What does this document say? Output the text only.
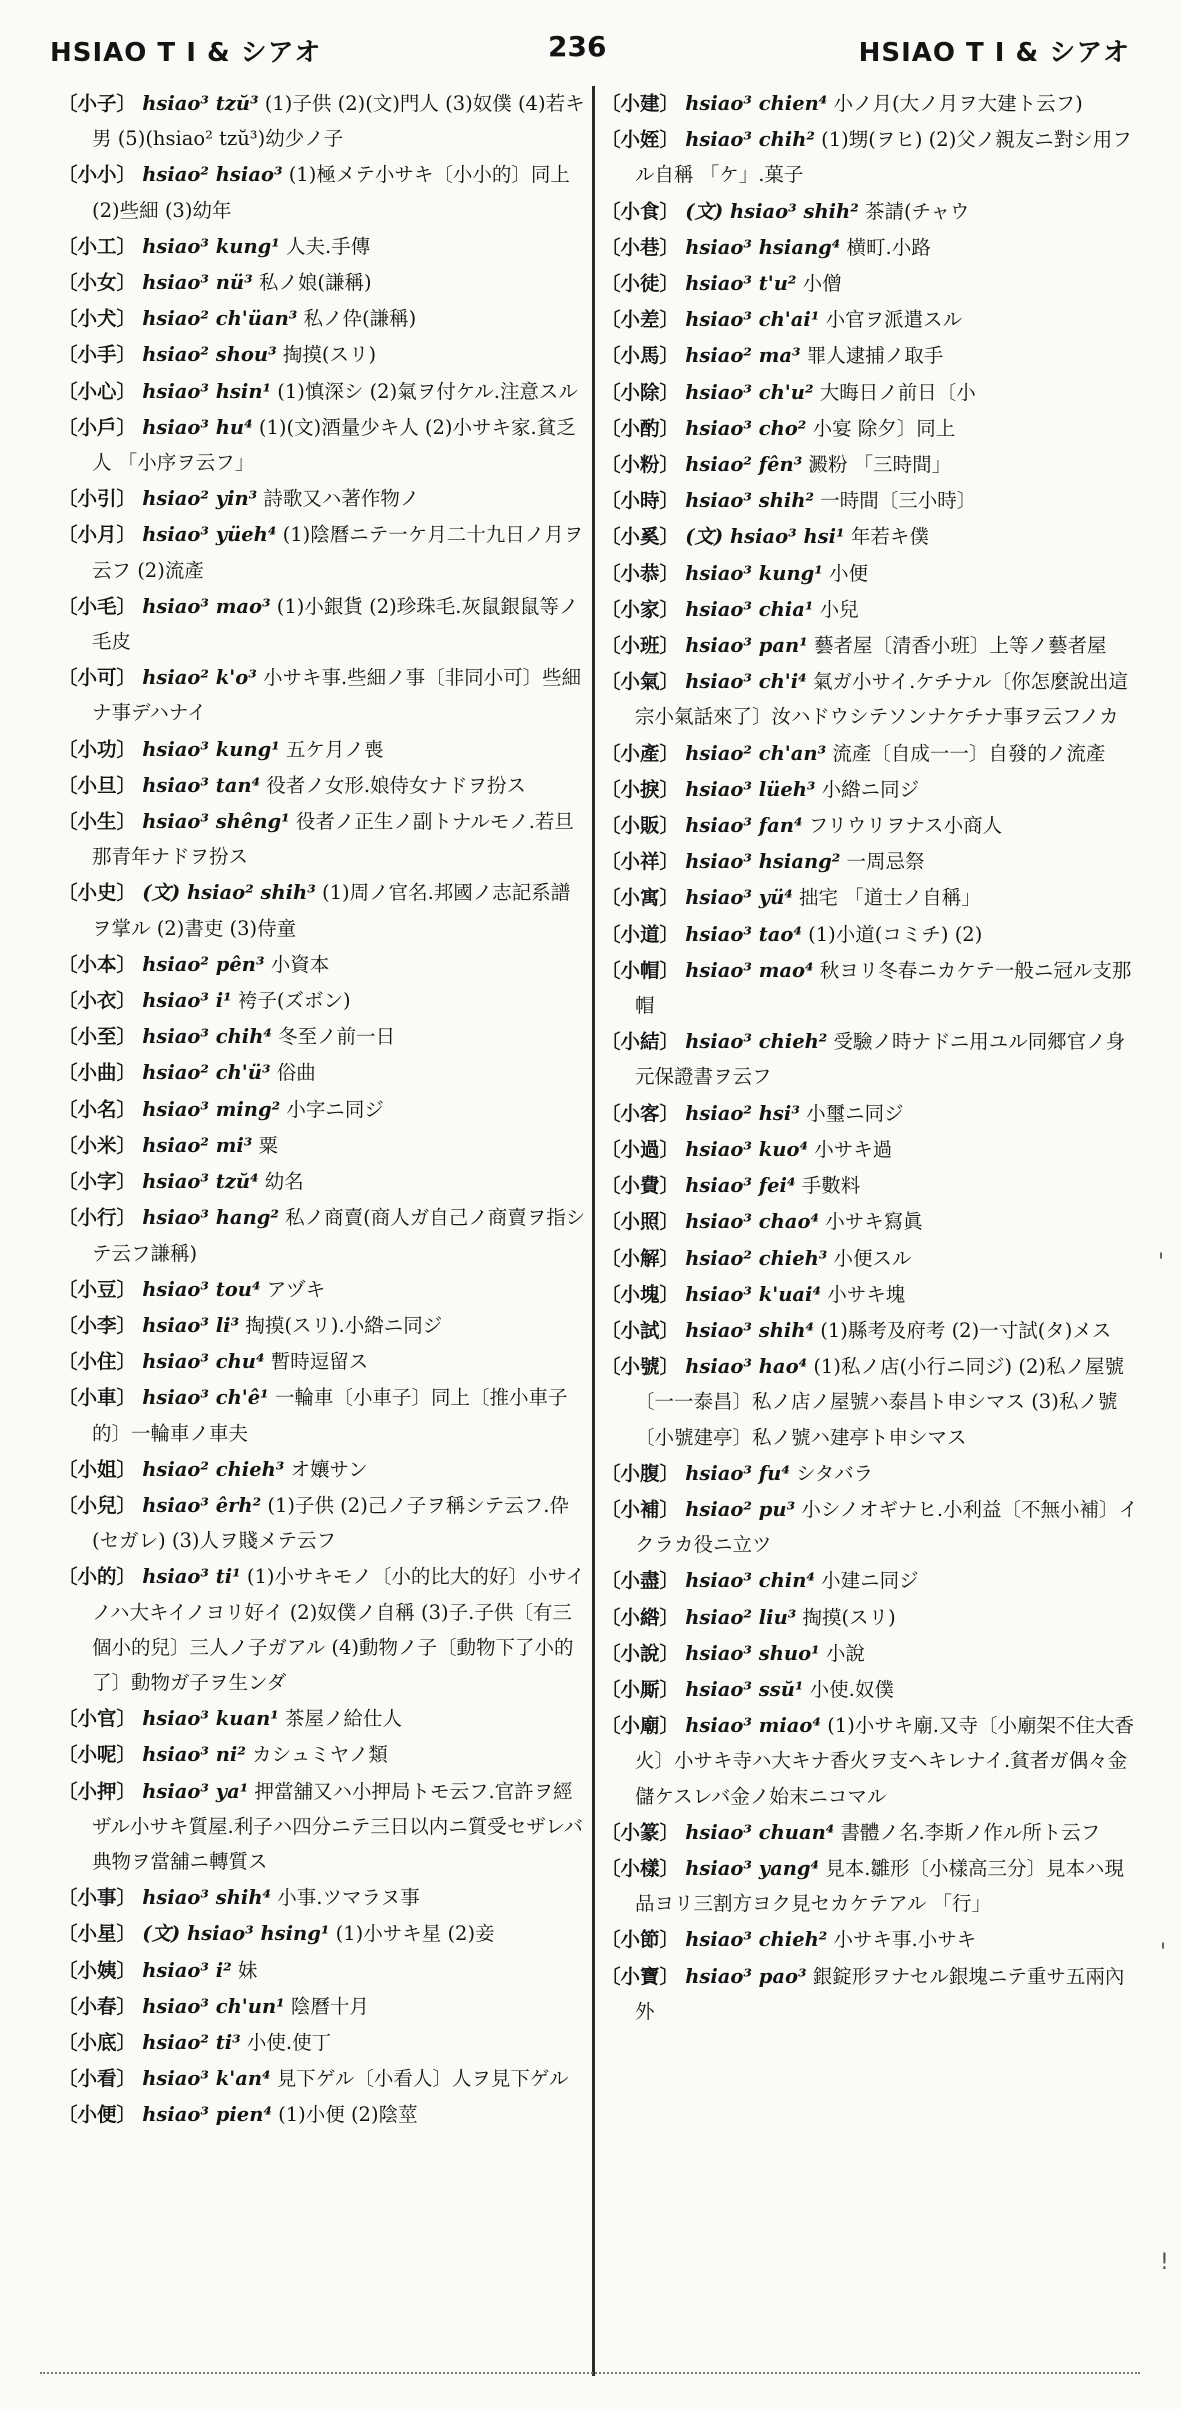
HSIAO T I & シアオ	236	HSIAO T I & シアオ
〔小子〕 hsiao³ tzŭ³ (1)子供 (2)(文)門人 (3)奴僕 (4)若キ男 (5)(hsiao² tzŭ³)幼少ノ子
〔小小〕 hsiao² hsiao³ (1)極メテ小サキ〔小小的〕同上 (2)些細 (3)幼年
〔小工〕 hsiao³ kung¹ 人夫.手傳
〔小女〕 hsiao³ nü³ 私ノ娘(謙稱)
〔小犬〕 hsiao² ch'üan³ 私ノ伜(謙稱)
〔小手〕 hsiao² shou³ 掏摸(スリ)
〔小心〕 hsiao³ hsin¹ (1)慎深シ (2)氣ヲ付ケル.注意スル
〔小戶〕 hsiao³ hu⁴ (1)(文)酒量少キ人 (2)小サキ家.貧乏人 「小序ヲ云フ」
〔小引〕 hsiao² yin³ 詩歌又ハ著作物ノ
〔小月〕 hsiao³ yüeh⁴ (1)陰曆ニテ一ケ月二十九日ノ月ヲ云フ (2)流產
〔小毛〕 hsiao³ mao³ (1)小銀貨 (2)珍珠毛.灰鼠銀鼠等ノ毛皮
〔小可〕 hsiao² k'o³ 小サキ事.些細ノ事〔非同小可〕些細ナ事デハナイ
〔小功〕 hsiao³ kung¹ 五ケ月ノ喪
〔小旦〕 hsiao³ tan⁴ 役者ノ女形.娘侍女ナドヲ扮ス
〔小生〕 hsiao³ shêng¹ 役者ノ正生ノ副トナルモノ.若旦那青年ナドヲ扮ス
〔小史〕 (文) hsiao² shih³ (1)周ノ官名.邦國ノ志記系譜ヲ掌ル (2)書吏 (3)侍童
〔小本〕 hsiao² pên³ 小資本
〔小衣〕 hsiao³ i¹ 袴子(ズボン)
〔小至〕 hsiao³ chih⁴ 冬至ノ前一日
〔小曲〕 hsiao² ch'ü³ 俗曲
〔小名〕 hsiao³ ming² 小字ニ同ジ
〔小米〕 hsiao² mi³ 粟
〔小字〕 hsiao³ tzŭ⁴ 幼名
〔小行〕 hsiao³ hang² 私ノ商賣(商人ガ自己ノ商賣ヲ指シテ云フ謙稱)
〔小豆〕 hsiao³ tou⁴ アヅキ
〔小李〕 hsiao³ li³ 掏摸(スリ).小綹ニ同ジ
〔小住〕 hsiao³ chu⁴ 暫時逗留ス
〔小車〕 hsiao³ ch'ê¹ 一輪車〔小車子〕同上〔推小車子的〕一輪車ノ車夫
〔小姐〕 hsiao² chieh³ オ孃サン
〔小兒〕 hsiao³ êrh² (1)子供 (2)己ノ子ヲ稱シテ云フ.伜(セガレ) (3)人ヲ賤メテ云フ
〔小的〕 hsiao³ ti¹ (1)小サキモノ〔小的比大的好〕小サイノハ大キイノヨリ好イ (2)奴僕ノ自稱 (3)子.子供〔有三個小的兒〕三人ノ子ガアル (4)動物ノ子〔動物下了小的了〕動物ガ子ヲ生ンダ
〔小官〕 hsiao³ kuan¹ 茶屋ノ給仕人
〔小呢〕 hsiao³ ni² カシュミヤノ類
〔小押〕 hsiao³ ya¹ 押當舖又ハ小押局トモ云フ.官許ヲ經ザル小サキ質屋.利子ハ四分ニテ三日以内ニ質受セザレバ典物ヲ當舖ニ轉質ス
〔小事〕 hsiao³ shih⁴ 小事.ツマラヌ事
〔小星〕 (文) hsiao³ hsing¹ (1)小サキ星 (2)妾
〔小姨〕 hsiao³ i² 妹
〔小春〕 hsiao³ ch'un¹ 陰曆十月
〔小底〕 hsiao² ti³ 小使.使丁
〔小看〕 hsiao³ k'an⁴ 見下ゲル〔小看人〕人ヲ見下ゲル
〔小便〕 hsiao³ pien⁴ (1)小便 (2)陰莖
〔小建〕 hsiao³ chien⁴ 小ノ月(大ノ月ヲ大建ト云フ)
〔小姪〕 hsiao³ chih² (1)甥(ヲヒ) (2)父ノ親友ニ對シ用フル自稱 「ケ」.菓子
〔小食〕 (文) hsiao³ shih² 茶請(チャウ
〔小巷〕 hsiao³ hsiang⁴ 横町.小路
〔小徒〕 hsiao³ t'u² 小僧
〔小差〕 hsiao³ ch'ai¹ 小官ヲ派遣スル
〔小馬〕 hsiao² ma³ 罪人逮捕ノ取手
〔小除〕 hsiao³ ch'u² 大晦日ノ前日〔小
〔小酌〕 hsiao³ cho² 小宴 除夕〕同上
〔小粉〕 hsiao² fên³ 澱粉 「三時間」
〔小時〕 hsiao³ shih² 一時間〔三小時〕
〔小奚〕 (文) hsiao³ hsi¹ 年若キ僕
〔小恭〕 hsiao³ kung¹ 小便
〔小家〕 hsiao³ chia¹ 小兒
〔小班〕 hsiao³ pan¹ 藝者屋〔清香小班〕上等ノ藝者屋
〔小氣〕 hsiao³ ch'i⁴ 氣ガ小サイ.ケチナル〔你怎麼說出這宗小氣話來了〕汝ハドウシテソンナケチナ事ヲ云フノカ
〔小產〕 hsiao² ch'an³ 流產〔自成一一〕自發的ノ流產
〔小捩〕 hsiao³ lüeh³ 小綹ニ同ジ
〔小販〕 hsiao³ fan⁴ フリウリヲナス小商人
〔小祥〕 hsiao³ hsiang² 一周忌祭
〔小寓〕 hsiao³ yü⁴ 拙宅 「道士ノ自稱」
〔小道〕 hsiao³ tao⁴ (1)小道(コミチ) (2)
〔小帽〕 hsiao³ mao⁴ 秋ヨリ冬春ニカケテ一般ニ冠ル支那帽
〔小結〕 hsiao³ chieh² 受驗ノ時ナドニ用ユル同郷官ノ身元保證書ヲ云フ
〔小客〕 hsiao² hsi³ 小璽ニ同ジ
〔小過〕 hsiao³ kuo⁴ 小サキ過
〔小費〕 hsiao³ fei⁴ 手數料
〔小照〕 hsiao³ chao⁴ 小サキ寫眞
〔小解〕 hsiao² chieh³ 小便スル
〔小塊〕 hsiao³ k'uai⁴ 小サキ塊
〔小試〕 hsiao³ shih⁴ (1)縣考及府考 (2)一寸試(タ)メス
〔小號〕 hsiao³ hao⁴ (1)私ノ店(小行ニ同ジ) (2)私ノ屋號〔一一泰昌〕私ノ店ノ屋號ハ泰昌ト申シマス (3)私ノ號〔小號建亭〕私ノ號ハ建亭ト申シマス
〔小腹〕 hsiao³ fu⁴ シタバラ
〔小補〕 hsiao² pu³ 小シノオギナヒ.小利益〔不無小補〕イクラカ役ニ立ツ
〔小盡〕 hsiao³ chin⁴ 小建ニ同ジ
〔小綹〕 hsiao² liu³ 掏摸(スリ)
〔小說〕 hsiao³ shuo¹ 小說
〔小厮〕 hsiao³ ssŭ¹ 小使.奴僕
〔小廟〕 hsiao³ miao⁴ (1)小サキ廟.又寺〔小廟架不住大香火〕小サキ寺ハ大キナ香火ヲ支ヘキレナイ.貧者ガ偶々金儲ケスレバ金ノ始末ニコマル
〔小篆〕 hsiao³ chuan⁴ 書體ノ名.李斯ノ作ル所ト云フ
〔小樣〕 hsiao³ yang⁴ 見本.雛形〔小樣高三分〕見本ハ現品ヨリ三割方ヨク見セカケテアル 「行」
〔小節〕 hsiao³ chieh² 小サキ事.小サキ
〔小寶〕 hsiao³ pao³ 銀錠形ヲナセル銀塊ニテ重サ五兩內外
'
'
!
